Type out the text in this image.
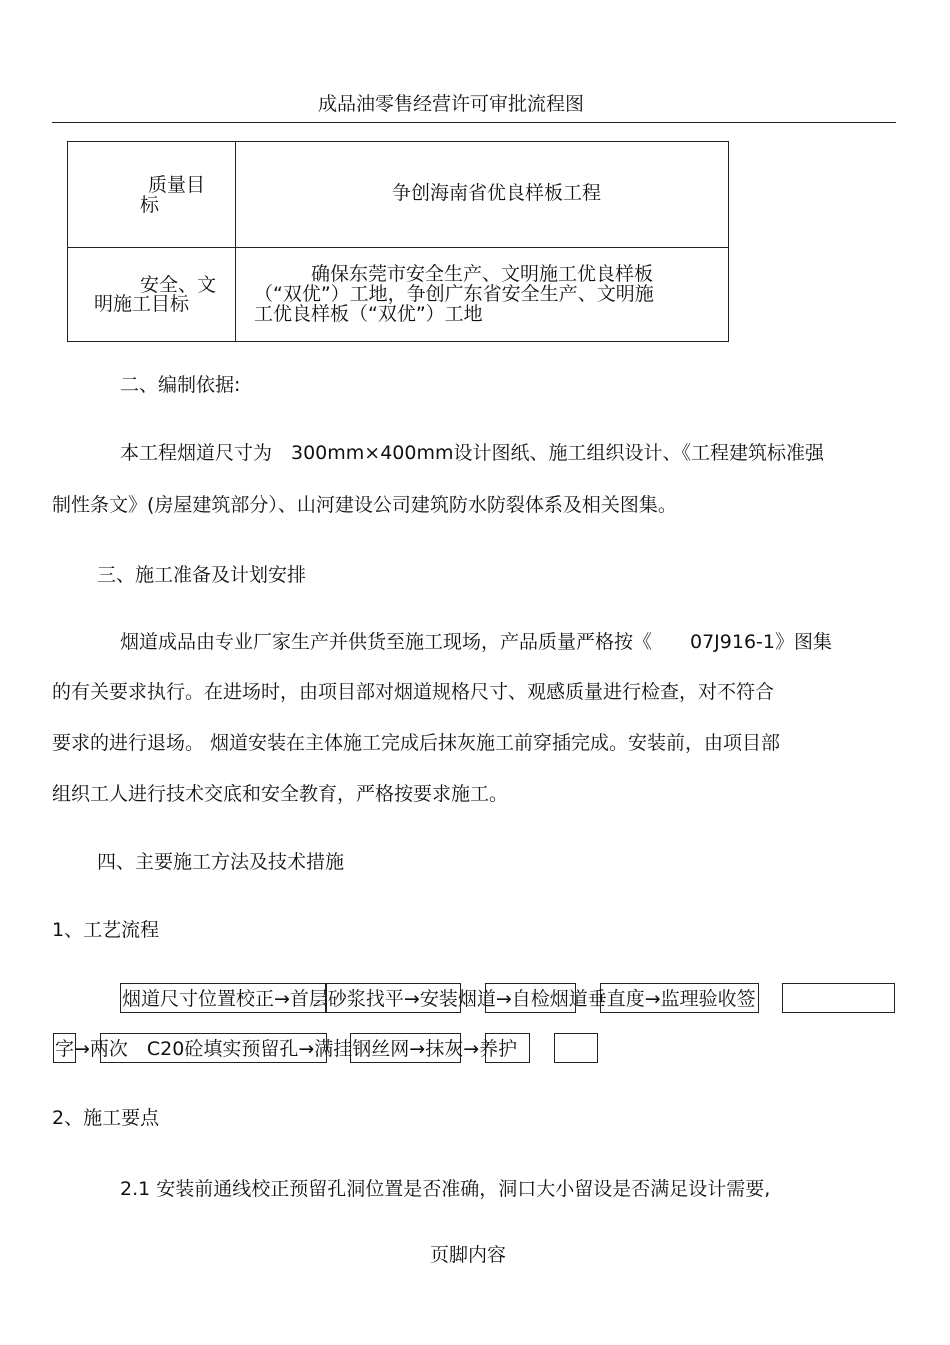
成品油零售经营许可审批流程图
质量目
标	争创海南省优良样板工程

安全、文
明施工目标	确保东莞市安全生产、文明施工优良样板
（“双优”）工地，争创广东省安全生产、文明施
工优良样板（“双优”）工地
二、编制依据:
本工程烟道尺寸为　300mm×400mm设计图纸、施工组织设计、《工程建筑标准强
制性条文》(房屋建筑部分）、山河建设公司建筑防水防裂体系及相关图集。
三、施工准备及计划安排
烟道成品由专业厂家生产并供货至施工现场，产品质量严格按《　　07J916-1》图集
的有关要求执行。在进场时，由项目部对烟道规格尺寸、观感质量进行检查，对不符合
要求的进行退场。 烟道安装在主体施工完成后抹灰施工前穿插完成。安装前，由项目部
组织工人进行技术交底和安全教育，严格按要求施工。
四、主要施工方法及技术措施
1、工艺流程
烟道尺寸位置校正→首层砂浆找平→安装烟道→自检烟道垂直度→监理验收签
字→两次　C20砼填实预留孔→满挂钢丝网→抹灰→养护
2、施工要点
2.1 安装前通线校正预留孔洞位置是否准确，洞口大小留设是否满足设计需要,
页脚内容
